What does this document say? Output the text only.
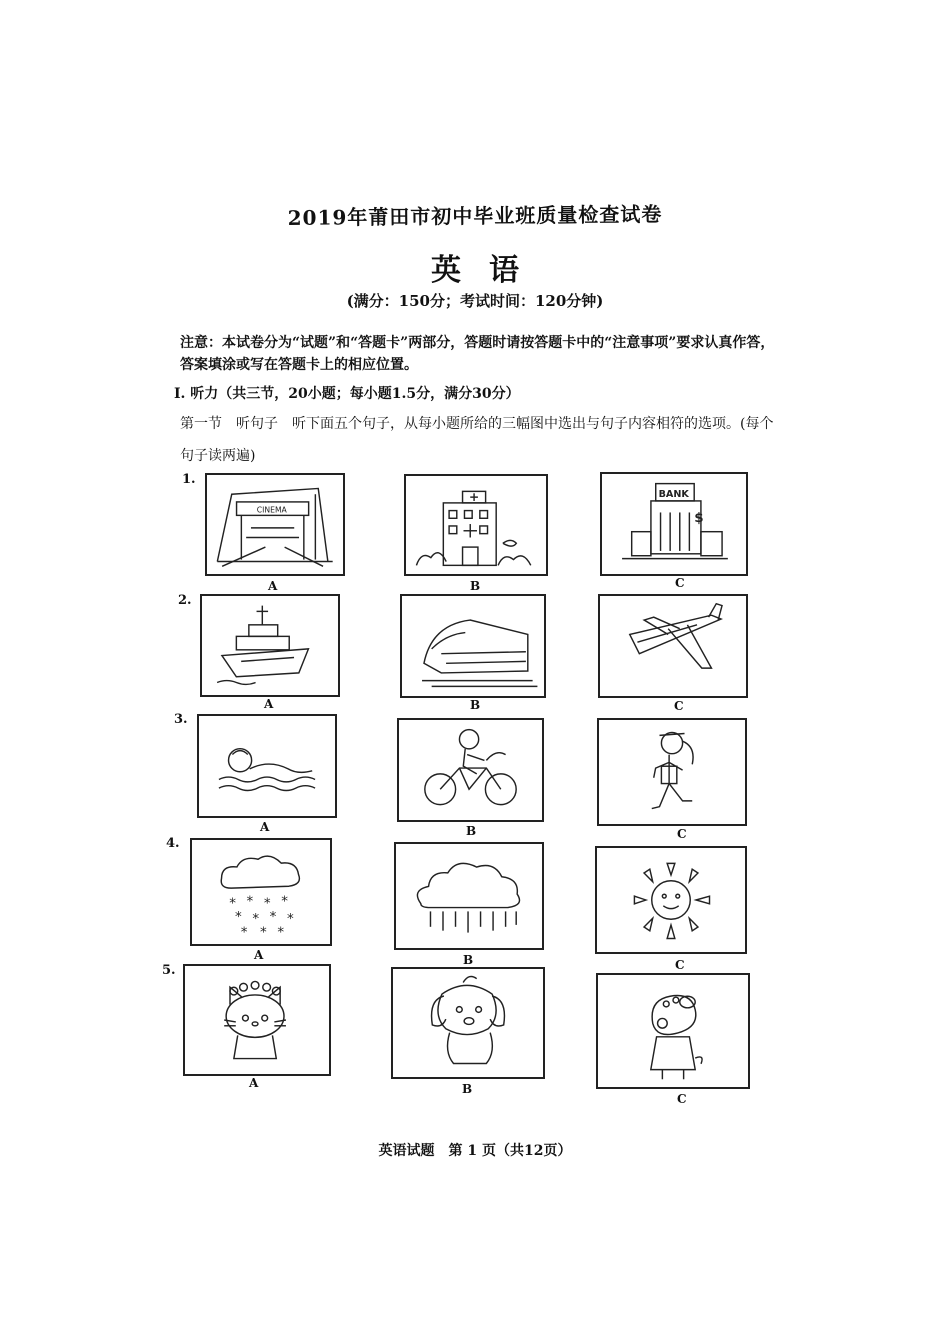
2019年莆田市初中毕业班质量检查试卷
英语
(满分：150分；考试时间：120分钟)
注意：本试卷分为“试题”和“答题卡”两部分，答题时请按答题卡中的“注意事项”要求认真作答，答案填涂或写在答题卡上的相应位置。
I. 听力（共三节，20小题；每小题1.5分，满分30分）
第一节　听句子　听下面五个句子，从每小题所给的三幅图中选出与句子内容相符的选项。(每个句子读两遍)
1.
CINEMA
A	B
BANK
$
C
2.
A	B	C
3.
A	B	C
4.
* * * *
* * * *
* * *
A	B	C
5.
A	B
C
英语试题　第 1 页（共12页）
